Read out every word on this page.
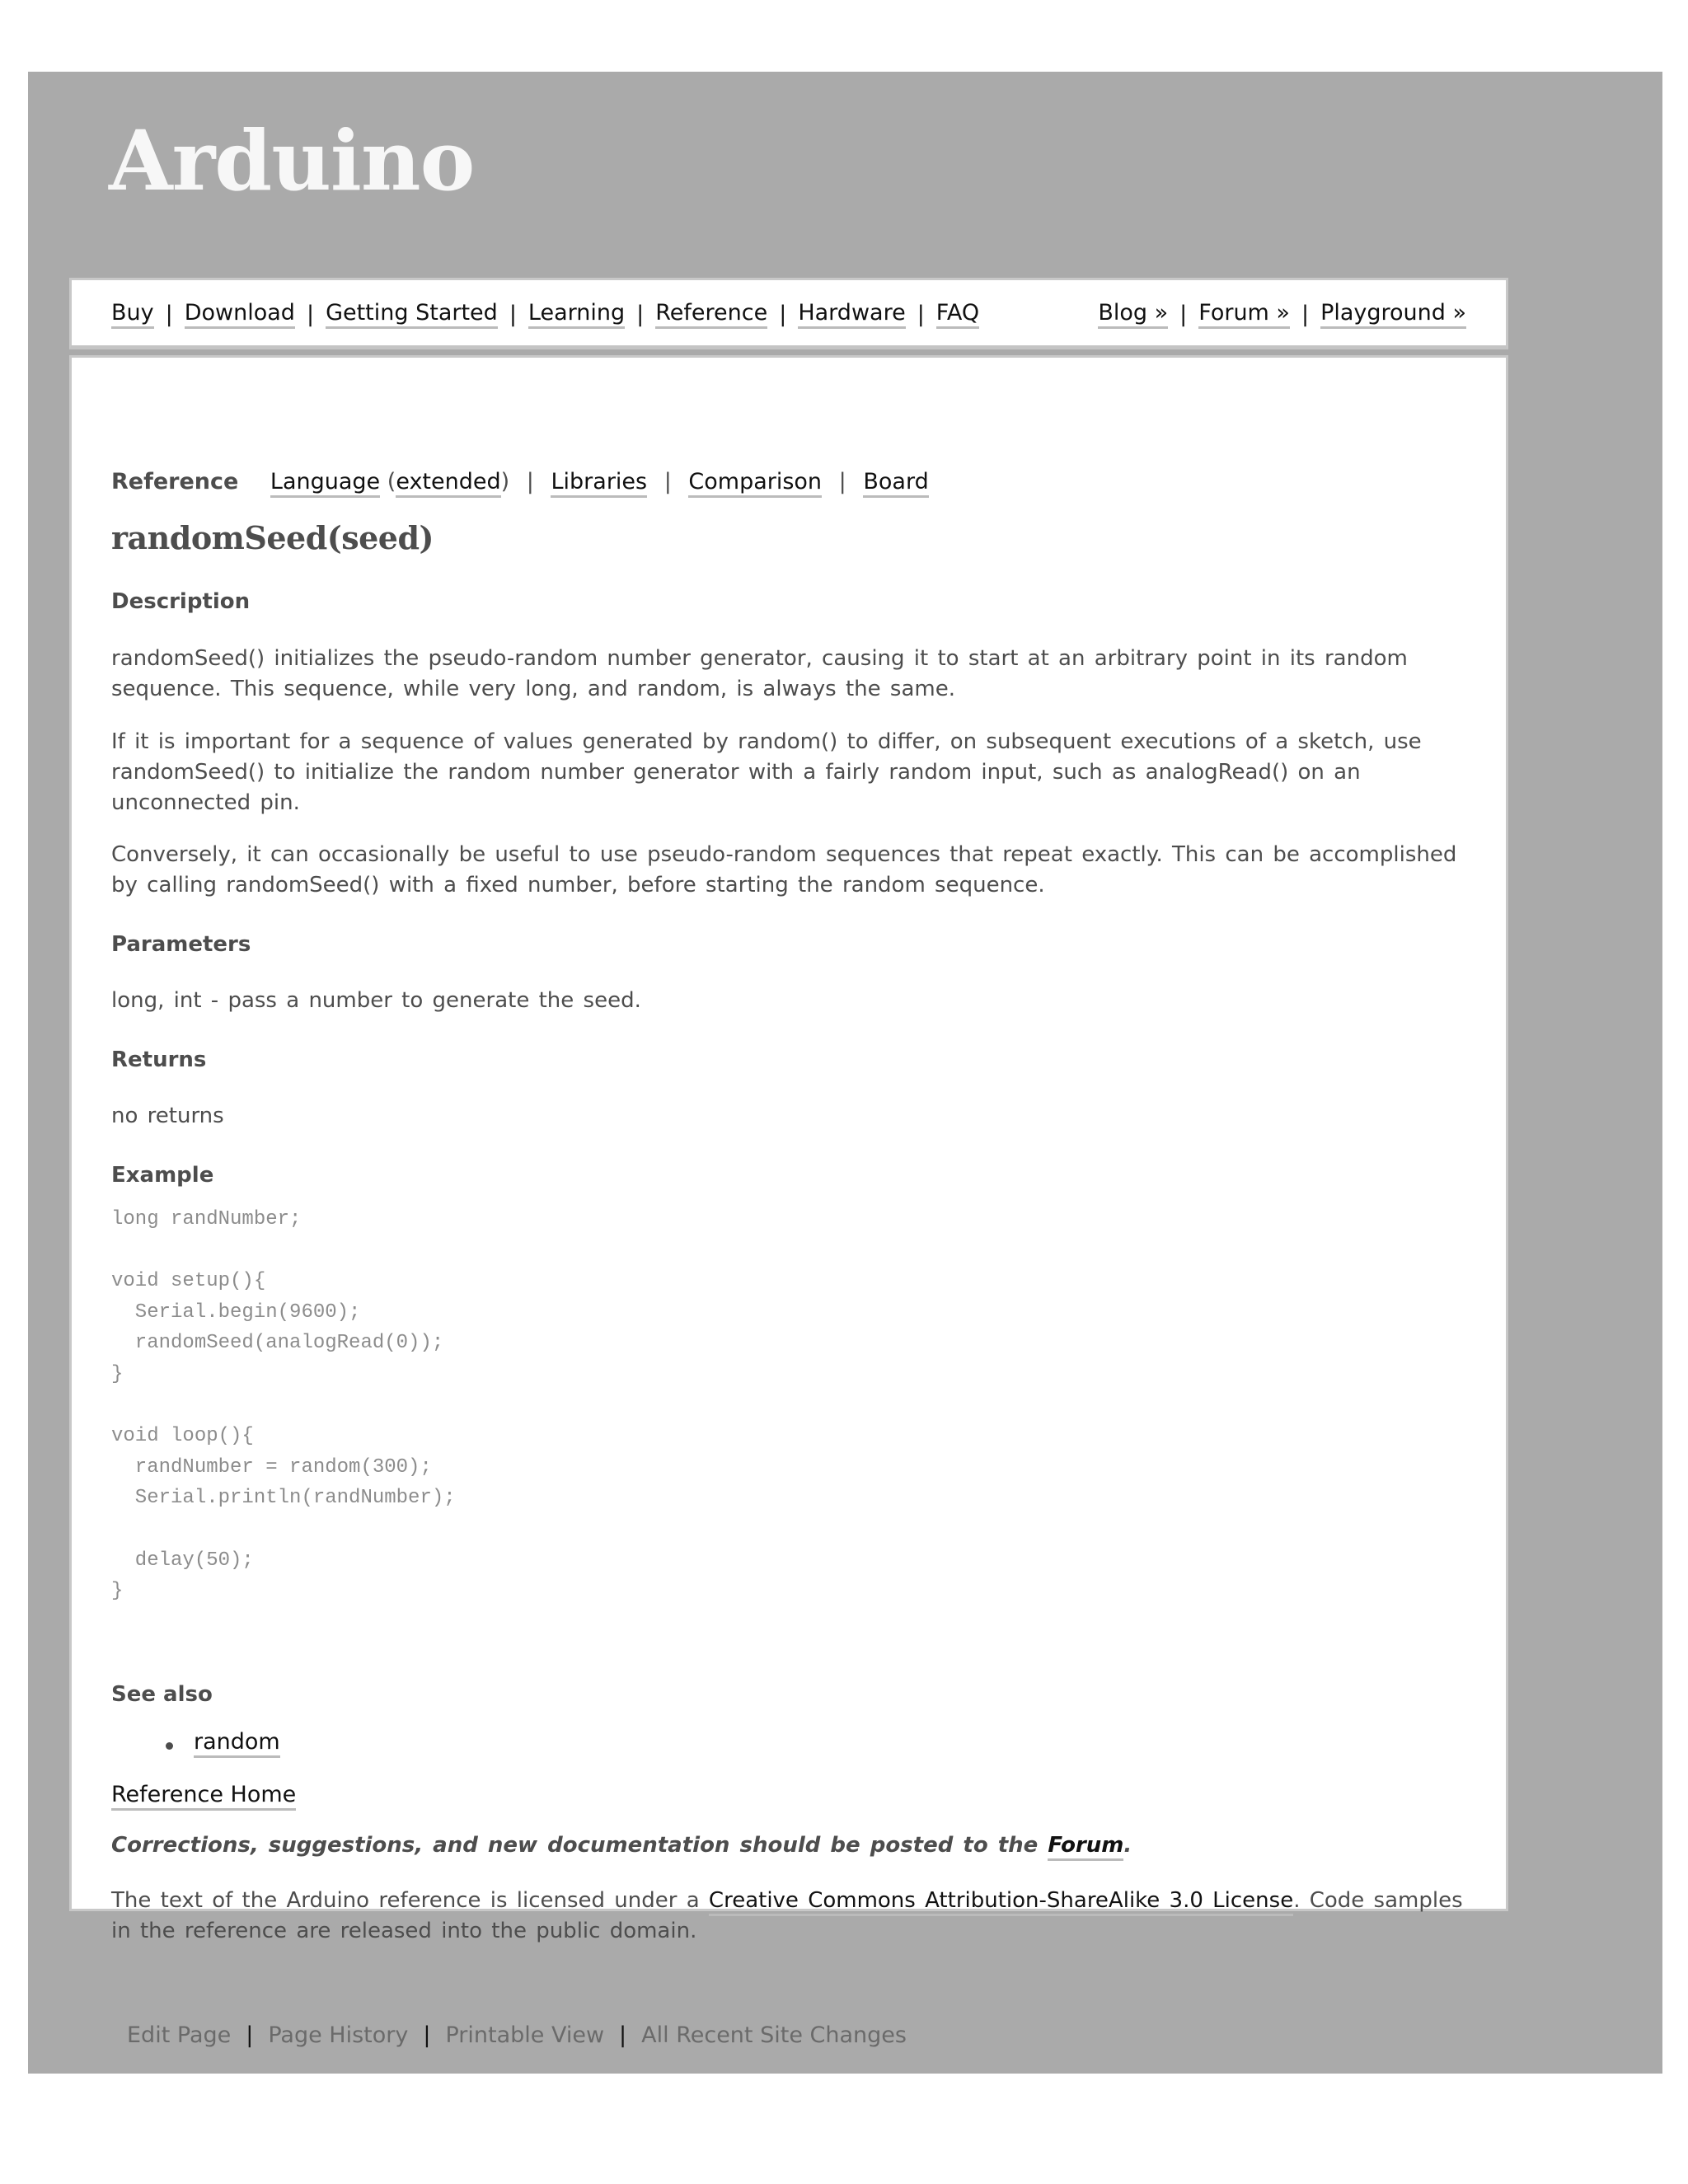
Arduino
Buy | Download | Getting Started | Learning | Reference | Hardware | FAQ	Blog » | Forum » | Playground »
Reference Language (extended) | Libraries | Comparison | Board
randomSeed(seed)
Description

randomSeed() initializes the pseudo-random number generator, causing it to start at an arbitrary point in its random sequence. This sequence, while very long, and random, is always the same.

If it is important for a sequence of values generated by random() to differ, on subsequent executions of a sketch, use randomSeed() to initialize the random number generator with a fairly random input, such as analogRead() on an unconnected pin.

Conversely, it can occasionally be useful to use pseudo-random sequences that repeat exactly. This can be accomplished by calling randomSeed() with a fixed number, before starting the random sequence.

Parameters

long, int - pass a number to generate the seed.

Returns

no returns

Example
long randNumber;

void setup(){
Serial.begin(9600);
randomSeed(analogRead(0));
}

void loop(){
randNumber = random(300);
Serial.println(randNumber);

delay(50);
}
See also
random
Reference Home

Corrections, suggestions, and new documentation should be posted to the Forum.

The text of the Arduino reference is licensed under a Creative Commons Attribution-ShareAlike 3.0 License. Code samples in the reference are released into the public domain.

Edit Page | Page History | Printable View | All Recent Site Changes
